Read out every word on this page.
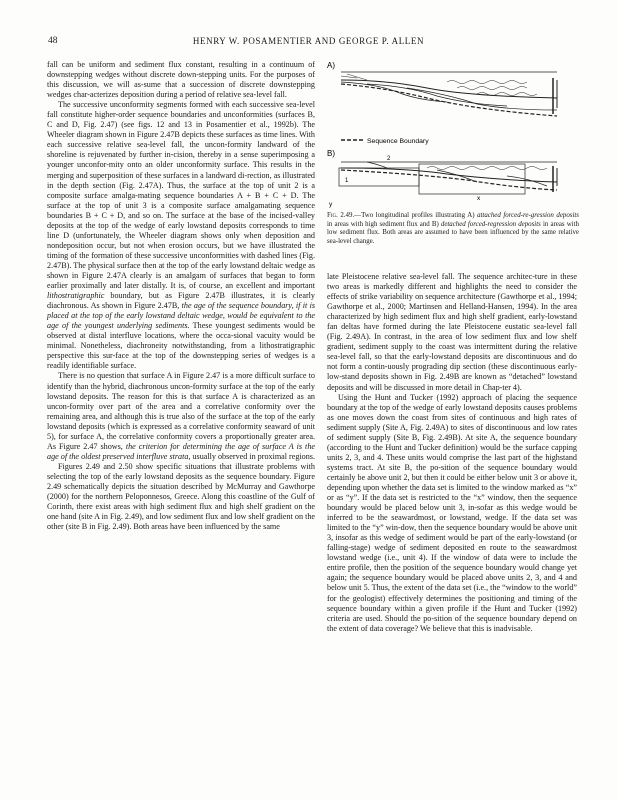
48	HENRY W. POSAMENTIER AND GEORGE P. ALLEN

fall can be uniform and sediment flux constant, resulting in a continuum of downstepping wedges without discrete down-stepping units. For the purposes of this discussion, we will as-sume that a succession of discrete downstepping wedges char-acterizes deposition during a period of relative sea-level fall.

The successive unconformity segments formed with each successive sea-level fall constitute higher-order sequence boundaries and unconformities (surfaces B, C and D, Fig. 2.47) (see figs. 12 and 13 in Posamentier et al., 1992b). The Wheeler diagram shown in Figure 2.47B depicts these surfaces as time lines. With each successive relative sea-level fall, the uncon-formity landward of the shoreline is rejuvenated by further in-cision, thereby in a sense superimposing a younger unconfor-mity onto an older unconformity surface. This results in the merging and superposition of these surfaces in a landward di-rection, as illustrated in the depth section (Fig. 2.47A). Thus, the surface at the top of unit 2 is a composite surface amalga-mating sequence boundaries A + B + C + D. The surface at the top of unit 3 is a composite surface amalgamating sequence boundaries B + C + D, and so on. The surface at the base of the incised-valley deposits at the top of the wedge of early lowstand deposits corresponds to time line D (unfortunately, the Wheeler diagram shows only when deposition and nondeposition occur, but not when erosion occurs, but we have illustrated the timing of the formation of these successive unconformities with dashed lines (Fig. 2.47B). The physical surface then at the top of the early lowstand deltaic wedge as shown in Figure 2.47A clearly is an amalgam of surfaces that began to form earlier proximally and later distally. It is, of course, an excellent and important lithostratigraphic boundary, but as Figure 2.47B illustrates, it is clearly diachronous. As shown in Figure 2.47B, the age of the sequence boundary, if it is placed at the top of the early lowstand deltaic wedge, would be equivalent to the age of the youngest underlying sediments. These youngest sediments would be observed at distal interfluve locations, where the occa-sional vacuity would be minimal. Nonetheless, diachroneity notwithstanding, from a lithostratigraphic perspective this sur-face at the top of the downstepping series of wedges is a readily identifiable surface.

There is no question that surface A in Figure 2.47 is a more difficult surface to identify than the hybrid, diachronous uncon-formity surface at the top of the early lowstand deposits. The reason for this is that surface A is characterized as an uncon-formity over part of the area and a correlative conformity over the remaining area, and although this is true also of the surface at the top of the early lowstand deposits (which is expressed as a correlative conformity seaward of unit 5), for surface A, the correlative conformity covers a proportionally greater area. As Figure 2.47 shows, the criterion for determining the age of surface A is the age of the oldest preserved interfluve strata, usually observed in proximal regions.

Figures 2.49 and 2.50 show specific situations that illustrate problems with selecting the top of the early lowstand deposits as the sequence boundary. Figure 2.49 schematically depicts the situation described by McMurray and Gawthorpe (2000) for the northern Peloponnesos, Greece. Along this coastline of the Gulf of Corinth, there exist areas with high sediment flux and high shelf gradient on the one hand (site A in Fig. 2.49), and low sediment flux and low shelf gradient on the other (site B in Fig. 2.49). Both areas have been influenced by the same

A)
Sequence Boundary
B)
1
2
x
y

Fig. 2.49.—Two longitudinal profiles illustrating A) attached forced-re-gression deposits in areas with high sediment flux and B) detached forced-regression deposits in areas with low sediment flux. Both areas are assumed to have been influenced by the same relative sea-level change.

late Pleistocene relative sea-level fall. The sequence architec-ture in these two areas is markedly different and highlights the need to consider the effects of strike variability on sequence architecture (Gawthorpe et al., 1994; Gawthorpe et al., 2000; Martinsen and Helland-Hansen, 1994). In the area characterized by high sediment flux and high shelf gradient, early-lowstand fan deltas have formed during the late Pleistocene eustatic sea-level fall (Fig. 2.49A). In contrast, in the area of low sediment flux and low shelf gradient, sediment supply to the coast was intermittent during the relative sea-level fall, so that the early-lowstand deposits are discontinuous and do not form a contin-uously prograding dip section (these discontinuous early-low-stand deposits shown in Fig. 2.49B are known as “detached” lowstand deposits and will be discussed in more detail in Chap-ter 4).

Using the Hunt and Tucker (1992) approach of placing the sequence boundary at the top of the wedge of early lowstand deposits causes problems as one moves down the coast from sites of continuous and high rates of sediment supply (Site A, Fig. 2.49A) to sites of discontinuous and low rates of sediment supply (Site B, Fig. 2.49B). At site A, the sequence boundary (according to the Hunt and Tucker definition) would be the surface capping units 2, 3, and 4. These units would comprise the last part of the highstand systems tract. At site B, the po-sition of the sequence boundary would certainly be above unit 2, but then it could be either below unit 3 or above it, depending upon whether the data set is limited to the window marked as “x” or as “y”. If the data set is restricted to the “x” window, then the sequence boundary would be placed below unit 3, in-sofar as this wedge would be inferred to be the seawardmost, or lowstand, wedge. If the data set was limited to the “y” win-dow, then the sequence boundary would be above unit 3, insofar as this wedge of sediment would be part of the early-lowstand (or falling-stage) wedge of sediment deposited en route to the seawardmost lowstand wedge (i.e., unit 4). If the window of data were to include the entire profile, then the position of the sequence boundary would change yet again; the sequence boundary would be placed above units 2, 3, and 4 and below unit 5. Thus, the extent of the data set (i.e., the “window to the world” for the geologist) effectively determines the positioning and timing of the sequence boundary within a given profile if the Hunt and Tucker (1992) criteria are used. Should the po-sition of the sequence boundary depend on the extent of data coverage? We believe that this is inadvisable.
